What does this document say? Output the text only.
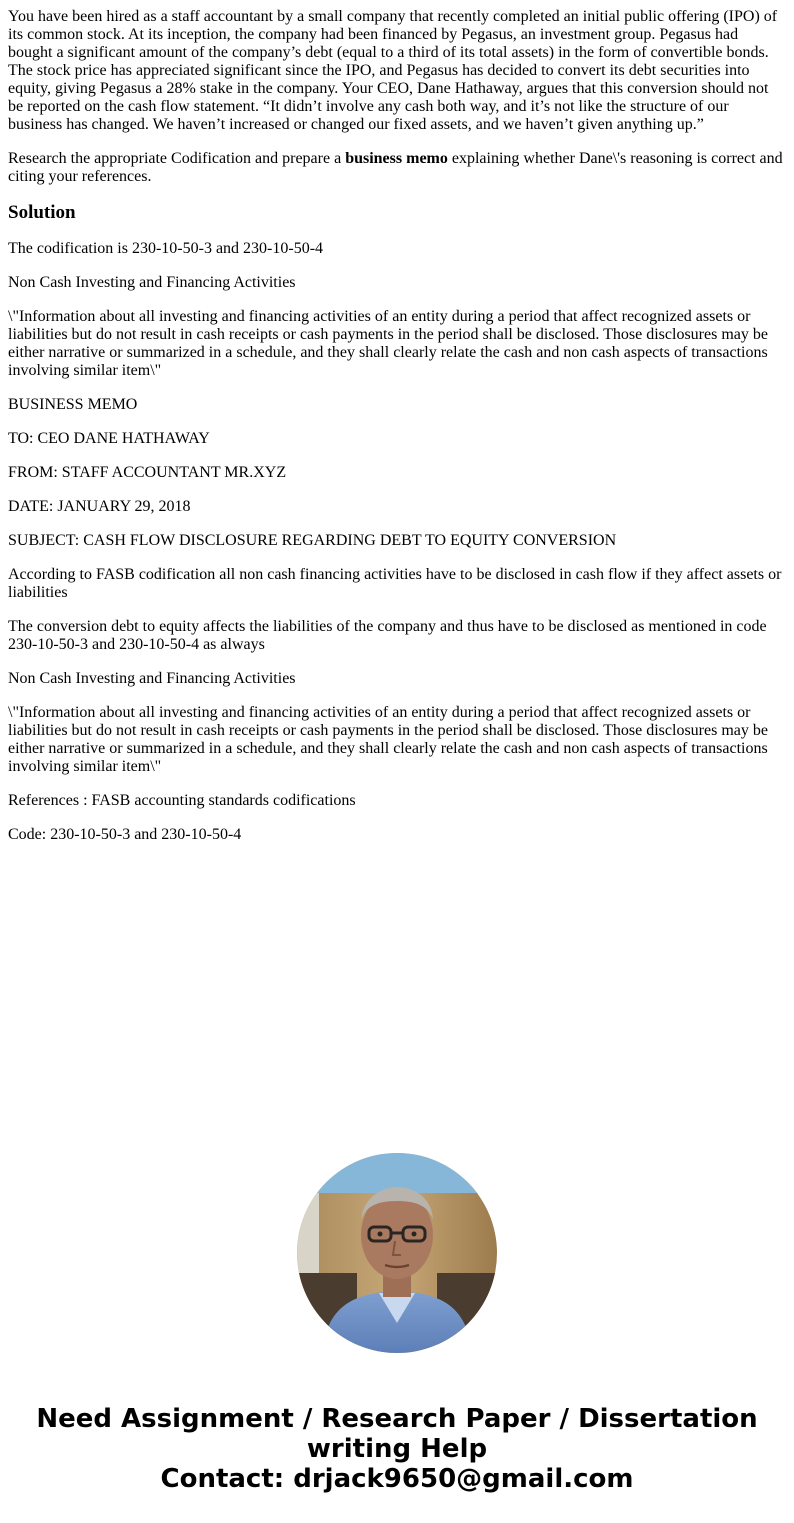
You have been hired as a staff accountant by a small company that recently completed an initial public offering (IPO) of its common stock. At its inception, the company had been financed by Pegasus, an investment group. Pegasus had bought a significant amount of the company’s debt (equal to a third of its total assets) in the form of convertible bonds. The stock price has appreciated significant since the IPO, and Pegasus has decided to convert its debt securities into equity, giving Pegasus a 28% stake in the company. Your CEO, Dane Hathaway, argues that this conversion should not be reported on the cash flow statement. “It didn’t involve any cash both way, and it’s not like the structure of our business has changed. We haven’t increased or changed our fixed assets, and we haven’t given anything up.”

Research the appropriate Codification and prepare a business memo explaining whether Dane\'s reasoning is correct and citing your references.

Solution

The codification is 230-10-50-3 and 230-10-50-4

Non Cash Investing and Financing Activities

\"Information about all investing and financing activities of an entity during a period that affect recognized assets or liabilities but do not result in cash receipts or cash payments in the period shall be disclosed. Those disclosures may be either narrative or summarized in a schedule, and they shall clearly relate the cash and non cash aspects of transactions involving similar item\"

BUSINESS MEMO

TO: CEO DANE HATHAWAY

FROM: STAFF ACCOUNTANT MR.XYZ

DATE: JANUARY 29, 2018

SUBJECT: CASH FLOW DISCLOSURE REGARDING DEBT TO EQUITY CONVERSION

According to FASB codification all non cash financing activities have to be disclosed in cash flow if they affect assets or liabilities

The conversion debt to equity affects the liabilities of the company and thus have to be disclosed as mentioned in code 230-10-50-3 and 230-10-50-4 as always

Non Cash Investing and Financing Activities

\"Information about all investing and financing activities of an entity during a period that affect recognized assets or liabilities but do not result in cash receipts or cash payments in the period shall be disclosed. Those disclosures may be either narrative or summarized in a schedule, and they shall clearly relate the cash and non cash aspects of transactions involving similar item\"

References : FASB accounting standards codifications

Code: 230-10-50-3 and 230-10-50-4

Need Assignment / Research Paper / Dissertation
writing Help
Contact: drjack9650@gmail.com
